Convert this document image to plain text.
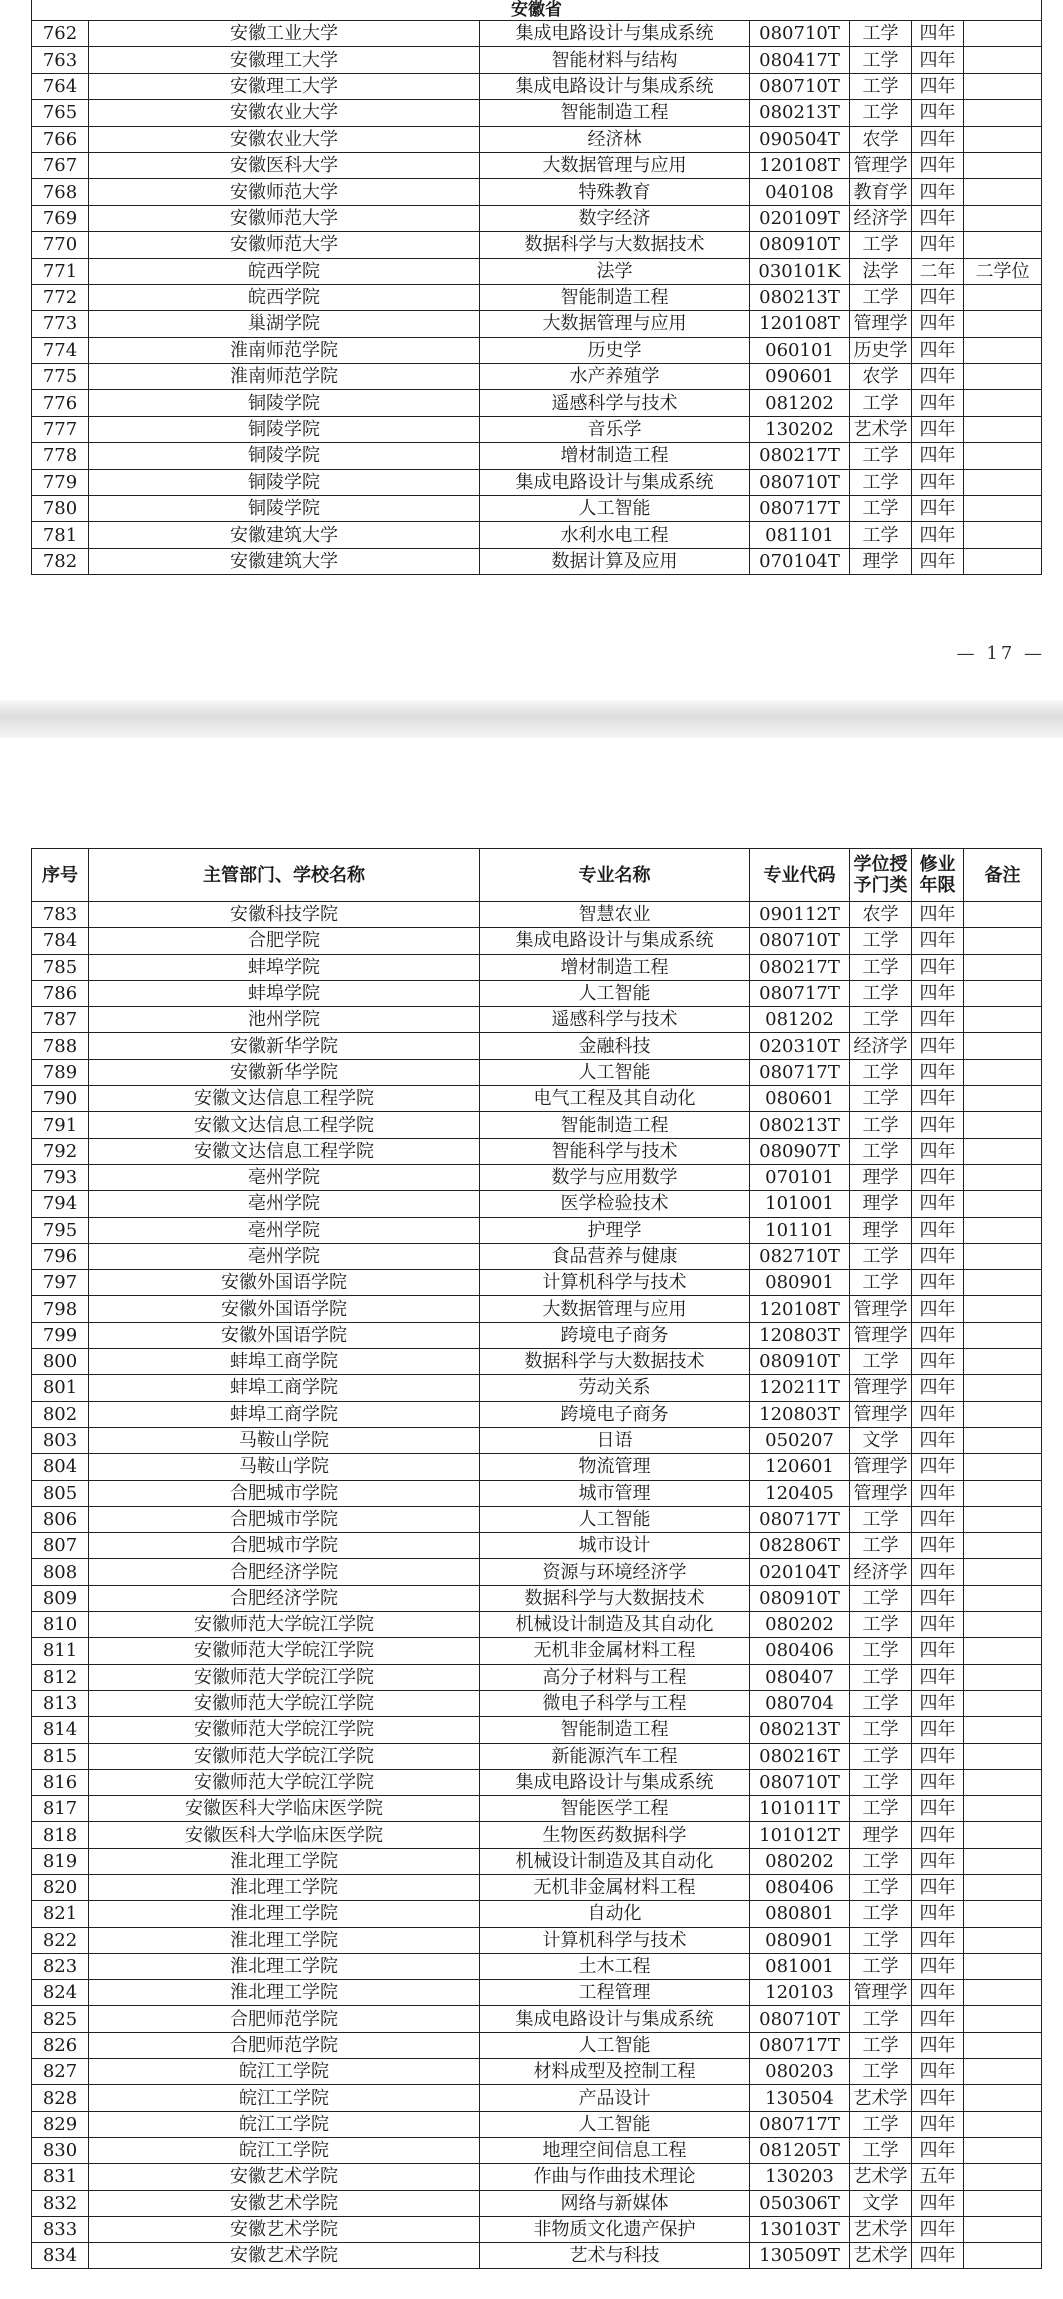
安徽省						
762	安徽工业大学	集成电路设计与集成系统	080710T	工学	四年	
763	安徽理工大学	智能材料与结构	080417T	工学	四年	
764	安徽理工大学	集成电路设计与集成系统	080710T	工学	四年	
765	安徽农业大学	智能制造工程	080213T	工学	四年	
766	安徽农业大学	经济林	090504T	农学	四年	
767	安徽医科大学	大数据管理与应用	120108T	管理学	四年	
768	安徽师范大学	特殊教育	040108	教育学	四年	
769	安徽师范大学	数字经济	020109T	经济学	四年	
770	安徽师范大学	数据科学与大数据技术	080910T	工学	四年	
771	皖西学院	法学	030101K	法学	二年	二学位
772	皖西学院	智能制造工程	080213T	工学	四年	
773	巢湖学院	大数据管理与应用	120108T	管理学	四年	
774	淮南师范学院	历史学	060101	历史学	四年	
775	淮南师范学院	水产养殖学	090601	农学	四年	
776	铜陵学院	遥感科学与技术	081202	工学	四年	
777	铜陵学院	音乐学	130202	艺术学	四年	
778	铜陵学院	增材制造工程	080217T	工学	四年	
779	铜陵学院	集成电路设计与集成系统	080710T	工学	四年	
780	铜陵学院	人工智能	080717T	工学	四年	
781	安徽建筑大学	水利水电工程	081101	工学	四年	
782	安徽建筑大学	数据计算及应用	070104T	理学	四年	
— 17 —
序号	主管部门、学校名称	专业名称	专业代码	学位授予门类	修业年限	备注
783	安徽科技学院	智慧农业	090112T	农学	四年	
784	合肥学院	集成电路设计与集成系统	080710T	工学	四年	
785	蚌埠学院	增材制造工程	080217T	工学	四年	
786	蚌埠学院	人工智能	080717T	工学	四年	
787	池州学院	遥感科学与技术	081202	工学	四年	
788	安徽新华学院	金融科技	020310T	经济学	四年	
789	安徽新华学院	人工智能	080717T	工学	四年	
790	安徽文达信息工程学院	电气工程及其自动化	080601	工学	四年	
791	安徽文达信息工程学院	智能制造工程	080213T	工学	四年	
792	安徽文达信息工程学院	智能科学与技术	080907T	工学	四年	
793	亳州学院	数学与应用数学	070101	理学	四年	
794	亳州学院	医学检验技术	101001	理学	四年	
795	亳州学院	护理学	101101	理学	四年	
796	亳州学院	食品营养与健康	082710T	工学	四年	
797	安徽外国语学院	计算机科学与技术	080901	工学	四年	
798	安徽外国语学院	大数据管理与应用	120108T	管理学	四年	
799	安徽外国语学院	跨境电子商务	120803T	管理学	四年	
800	蚌埠工商学院	数据科学与大数据技术	080910T	工学	四年	
801	蚌埠工商学院	劳动关系	120211T	管理学	四年	
802	蚌埠工商学院	跨境电子商务	120803T	管理学	四年	
803	马鞍山学院	日语	050207	文学	四年	
804	马鞍山学院	物流管理	120601	管理学	四年	
805	合肥城市学院	城市管理	120405	管理学	四年	
806	合肥城市学院	人工智能	080717T	工学	四年	
807	合肥城市学院	城市设计	082806T	工学	四年	
808	合肥经济学院	资源与环境经济学	020104T	经济学	四年	
809	合肥经济学院	数据科学与大数据技术	080910T	工学	四年	
810	安徽师范大学皖江学院	机械设计制造及其自动化	080202	工学	四年	
811	安徽师范大学皖江学院	无机非金属材料工程	080406	工学	四年	
812	安徽师范大学皖江学院	高分子材料与工程	080407	工学	四年	
813	安徽师范大学皖江学院	微电子科学与工程	080704	工学	四年	
814	安徽师范大学皖江学院	智能制造工程	080213T	工学	四年	
815	安徽师范大学皖江学院	新能源汽车工程	080216T	工学	四年	
816	安徽师范大学皖江学院	集成电路设计与集成系统	080710T	工学	四年	
817	安徽医科大学临床医学院	智能医学工程	101011T	工学	四年	
818	安徽医科大学临床医学院	生物医药数据科学	101012T	理学	四年	
819	淮北理工学院	机械设计制造及其自动化	080202	工学	四年	
820	淮北理工学院	无机非金属材料工程	080406	工学	四年	
821	淮北理工学院	自动化	080801	工学	四年	
822	淮北理工学院	计算机科学与技术	080901	工学	四年	
823	淮北理工学院	土木工程	081001	工学	四年	
824	淮北理工学院	工程管理	120103	管理学	四年	
825	合肥师范学院	集成电路设计与集成系统	080710T	工学	四年	
826	合肥师范学院	人工智能	080717T	工学	四年	
827	皖江工学院	材料成型及控制工程	080203	工学	四年	
828	皖江工学院	产品设计	130504	艺术学	四年	
829	皖江工学院	人工智能	080717T	工学	四年	
830	皖江工学院	地理空间信息工程	081205T	工学	四年	
831	安徽艺术学院	作曲与作曲技术理论	130203	艺术学	五年	
832	安徽艺术学院	网络与新媒体	050306T	文学	四年	
833	安徽艺术学院	非物质文化遗产保护	130103T	艺术学	四年	
834	安徽艺术学院	艺术与科技	130509T	艺术学	四年	
